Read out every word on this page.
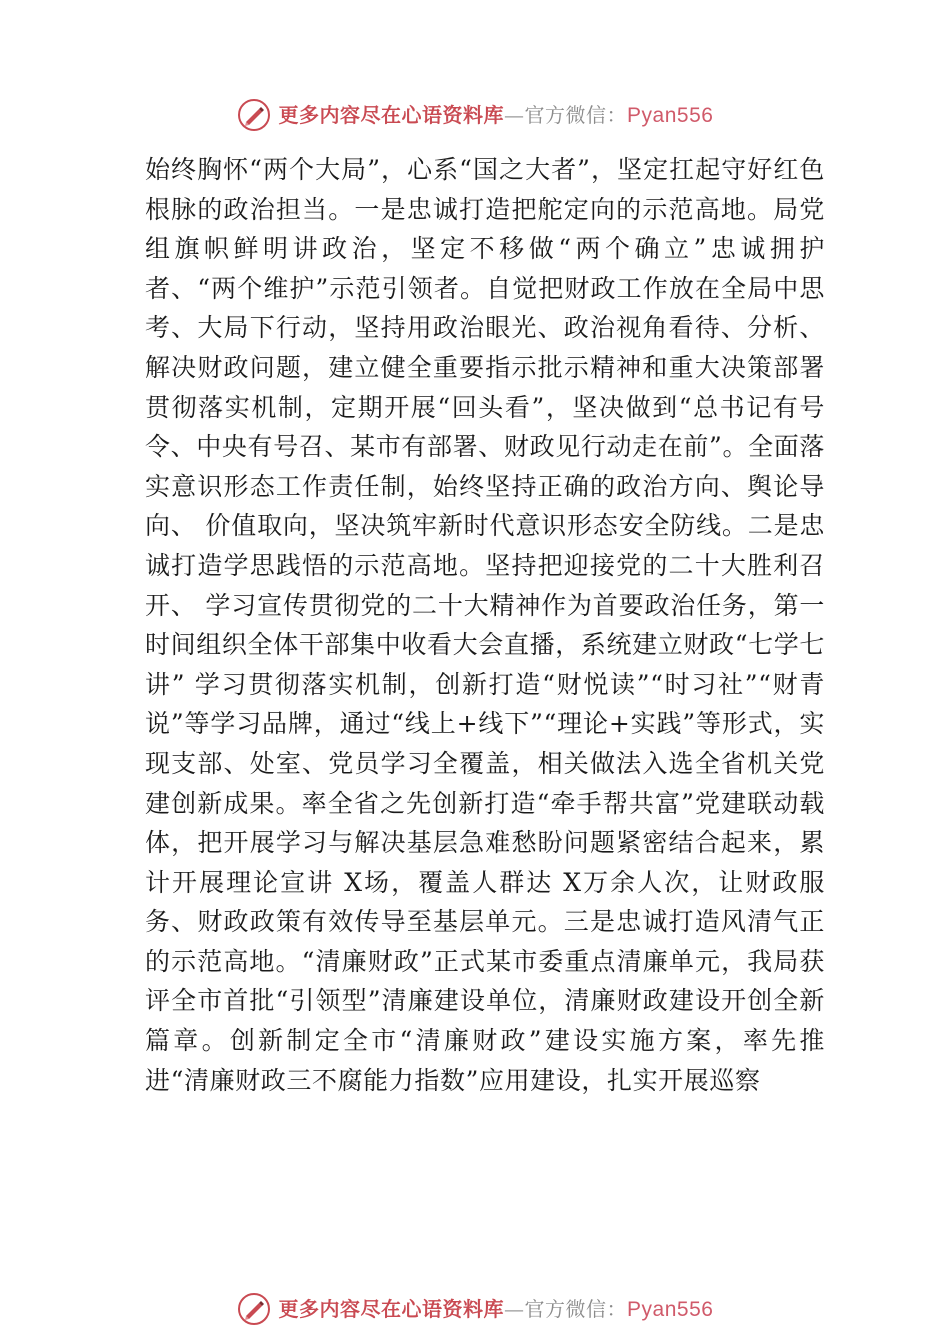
更多内容尽在心语资料库—官方微信：Pyan556

始终胸怀“两个大局”，心系“国之大者”，坚定扛起守好红色根脉的政治担当。一是忠诚打造把舵定向的示范高地。局党组旗帜鲜明讲政治，坚定不移做“两个确立”忠诚拥护者、“两个维护”示范引领者。自觉把财政工作放在全局中思考、大局下行动，坚持用政治眼光、政治视角看待、分析、解决财政问题，建立健全重要指示批示精神和重大决策部署贯彻落实机制，定期开展“回头看”，坚决做到“总书记有号令、中央有号召、某市有部署、财政见行动走在前”。全面落实意识形态工作责任制，始终坚持正确的政治方向、舆论导向、 价值取向，坚决筑牢新时代意识形态安全防线。二是忠诚打造学思践悟的示范高地。坚持把迎接党的二十大胜利召开、 学习宣传贯彻党的二十大精神作为首要政治任务，第一时间组织全体干部集中收看大会直播，系统建立财政“七学七讲” 学习贯彻落实机制，创新打造“财悦读”“时习社”“财青说”等学习品牌，通过“线上+线下”“理论+实践”等形式，实现支部、处室、党员学习全覆盖，相关做法入选全省机关党建创新成果。率全省之先创新打造“牵手帮共富”党建联动载体，把开展学习与解决基层急难愁盼问题紧密结合起来，累计开展理论宣讲 X场，覆盖人群达 X万余人次，让财政服务、财政政策有效传导至基层单元。三是忠诚打造风清气正的示范高地。“清廉财政”正式某市委重点清廉单元，我局获评全市首批“引领型”清廉建设单位，清廉财政建设开创全新篇章。创新制定全市“清廉财政”建设实施方案，率先推进“清廉财政三不腐能力指数”应用建设，扎实开展巡察

更多内容尽在心语资料库—官方微信：Pyan556
